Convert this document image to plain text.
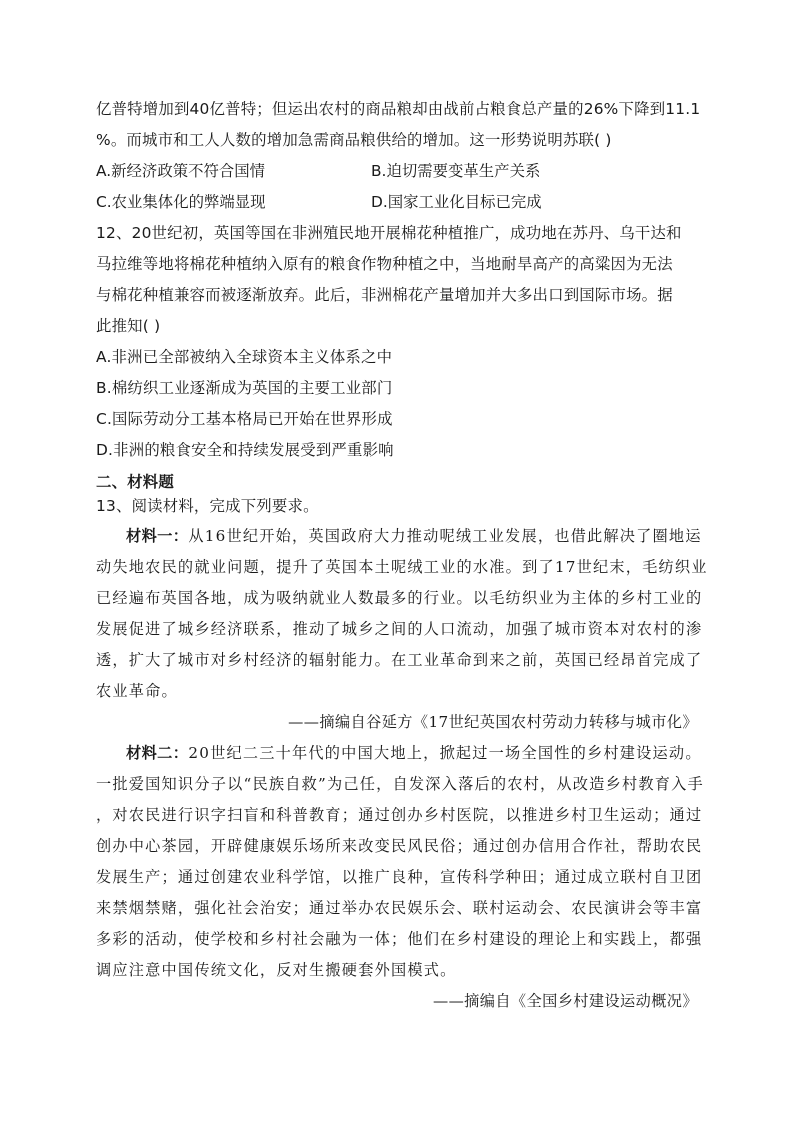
亿普特增加到40亿普特；但运出农村的商品粮却由战前占粮食总产量的26%下降到11.1
%。而城市和工人人数的增加急需商品粮供给的增加。这一形势说明苏联( )
A.新经济政策不符合国情	B.迫切需要变革生产关系
C.农业集体化的弊端显现	D.国家工业化目标已完成
12、20世纪初，英国等国在非洲殖民地开展棉花种植推广，成功地在苏丹、乌干达和
马拉维等地将棉花种植纳入原有的粮食作物种植之中，当地耐旱高产的高粱因为无法
与棉花种植兼容而被逐渐放弃。此后，非洲棉花产量增加并大多出口到国际市场。据
此推知( )
A.非洲已全部被纳入全球资本主义体系之中
B.棉纺织工业逐渐成为英国的主要工业部门
C.国际劳动分工基本格局已开始在世界形成
D.非洲的粮食安全和持续发展受到严重影响
二、材料题
13、阅读材料，完成下列要求。
材料一：从16世纪开始，英国政府大力推动呢绒工业发展，也借此解决了圈地运
动失地农民的就业问题，提升了英国本土呢绒工业的水准。到了17世纪末，毛纺织业
已经遍布英国各地，成为吸纳就业人数最多的行业。以毛纺织业为主体的乡村工业的
发展促进了城乡经济联系，推动了城乡之间的人口流动，加强了城市资本对农村的渗
透，扩大了城市对乡村经济的辐射能力。在工业革命到来之前，英国已经昂首完成了
农业革命。
——摘编自谷延方《17世纪英国农村劳动力转移与城市化》
材料二：20世纪二三十年代的中国大地上，掀起过一场全国性的乡村建设运动。
一批爱国知识分子以“民族自救”为己任，自发深入落后的农村，从改造乡村教育入手
，对农民进行识字扫盲和科普教育；通过创办乡村医院，以推进乡村卫生运动；通过
创办中心茶园，开辟健康娱乐场所来改变民风民俗；通过创办信用合作社，帮助农民
发展生产；通过创建农业科学馆，以推广良种，宣传科学种田；通过成立联村自卫团
来禁烟禁赌，强化社会治安；通过举办农民娱乐会、联村运动会、农民演讲会等丰富
多彩的活动，使学校和乡村社会融为一体；他们在乡村建设的理论上和实践上，都强
调应注意中国传统文化，反对生搬硬套外国模式。
——摘编自《全国乡村建设运动概况》
